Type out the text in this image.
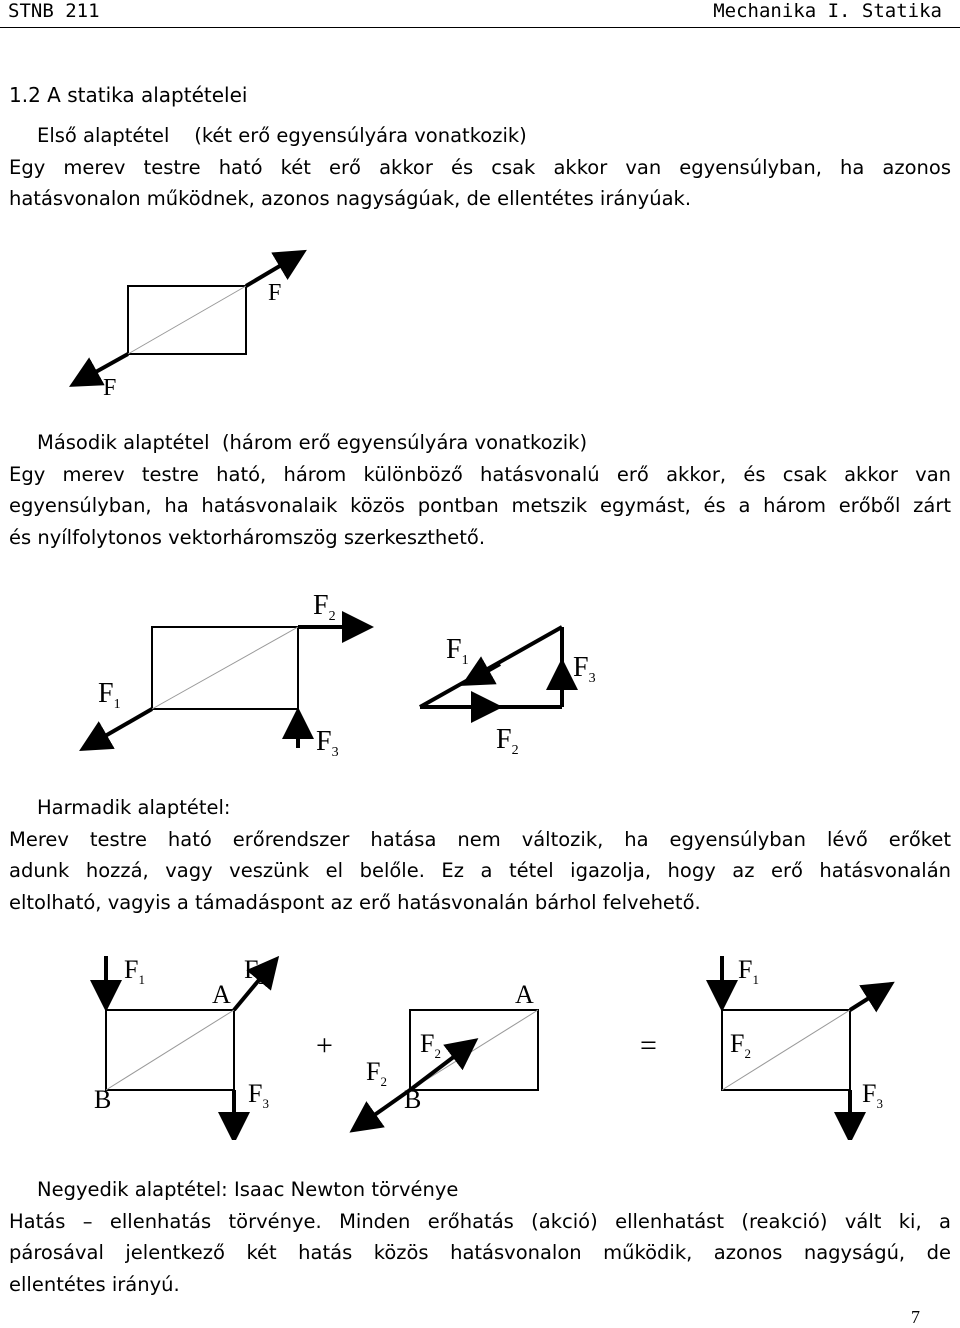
STNB 211	Mechanika I. Statika
1.2 A statika alaptételei
Első alaptétel    (két erő egyensúlyára vonatkozik)
Egy merev testre ható két erő akkor és csak akkor van egyensúlyban, ha azonos
hatásvonalon működnek, azonos nagyságúak, de ellentétes irányúak.
F
F
Második alaptétel  (három erő egyensúlyára vonatkozik)
Egy merev testre ható, három különböző hatásvonalú erő akkor, és csak akkor van
egyensúlyban, ha hatásvonalaik közös pontban metszik egymást, és a három erőből zárt
és nyílfolytonos vektorháromszög szerkeszthető.
$F_1$
$F_2$
$F_3$
$F_1$
$F_2$
$F_3$
Harmadik alaptétel:
Merev testre ható erőrendszer hatása nem változik, ha egyensúlyban lévő erőket
adunk hozzá, vagy veszünk el belőle. Ez a tétel igazolja, hogy az erő hatásvonalán
eltolható, vagyis a támadáspont az erő hatásvonalán bárhol felvehető.
$F_1$	$F_2$
$F_3$
A
B
+	$F_2$
$F_2$
A
B
=
$F_1$
$F_2$
$F_3$
Negyedik alaptétel: Isaac Newton törvénye
Hatás – ellenhatás törvénye. Minden erőhatás (akció) ellenhatást (reakció) vált ki, a
párosával jelentkező két hatás közös hatásvonalon működik, azonos nagyságú, de
ellentétes irányú.
7
